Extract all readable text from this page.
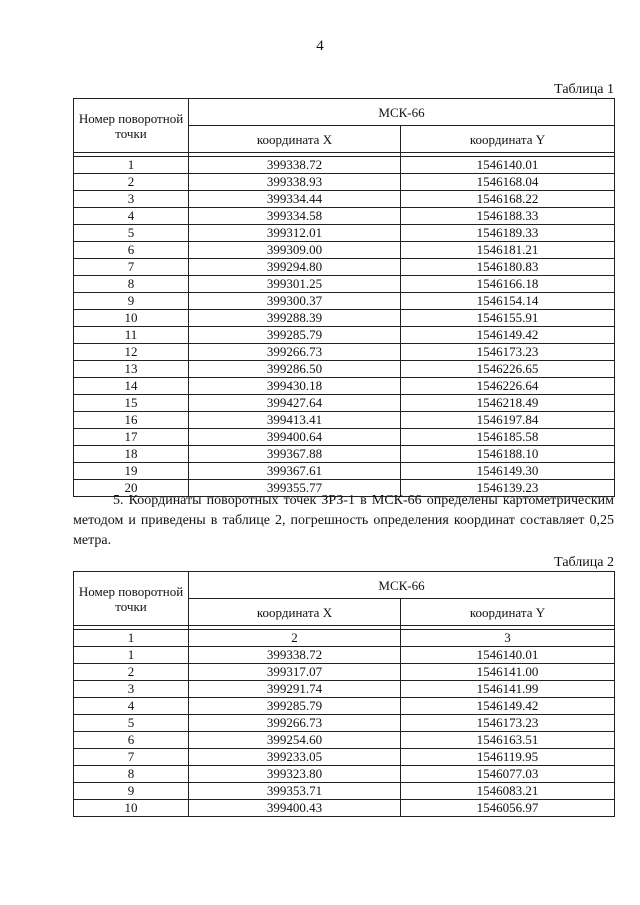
4
Таблица 1
Номер поворотной точки	МСК-66	
	координата X	координата Y

1	399338.72	1546140.01
2	399338.93	1546168.04
3	399334.44	1546168.22
4	399334.58	1546188.33
5	399312.01	1546189.33
6	399309.00	1546181.21
7	399294.80	1546180.83
8	399301.25	1546166.18
9	399300.37	1546154.14
10	399288.39	1546155.91
11	399285.79	1546149.42
12	399266.73	1546173.23
13	399286.50	1546226.65
14	399430.18	1546226.64
15	399427.64	1546218.49
16	399413.41	1546197.84
17	399400.64	1546185.58
18	399367.88	1546188.10
19	399367.61	1546149.30
20	399355.77	1546139.23
5. Координаты поворотных точек ЗРЗ-1 в МСК-66 определены картометрическим методом и приведены в таблице 2, погрешность определения координат составляет 0,25 метра.
Таблица 2
Номер поворотной точки	МСК-66	
	координата X	координата Y

1	2	3
1	399338.72	1546140.01
2	399317.07	1546141.00
3	399291.74	1546141.99
4	399285.79	1546149.42
5	399266.73	1546173.23
6	399254.60	1546163.51
7	399233.05	1546119.95
8	399323.80	1546077.03
9	399353.71	1546083.21
10	399400.43	1546056.97
